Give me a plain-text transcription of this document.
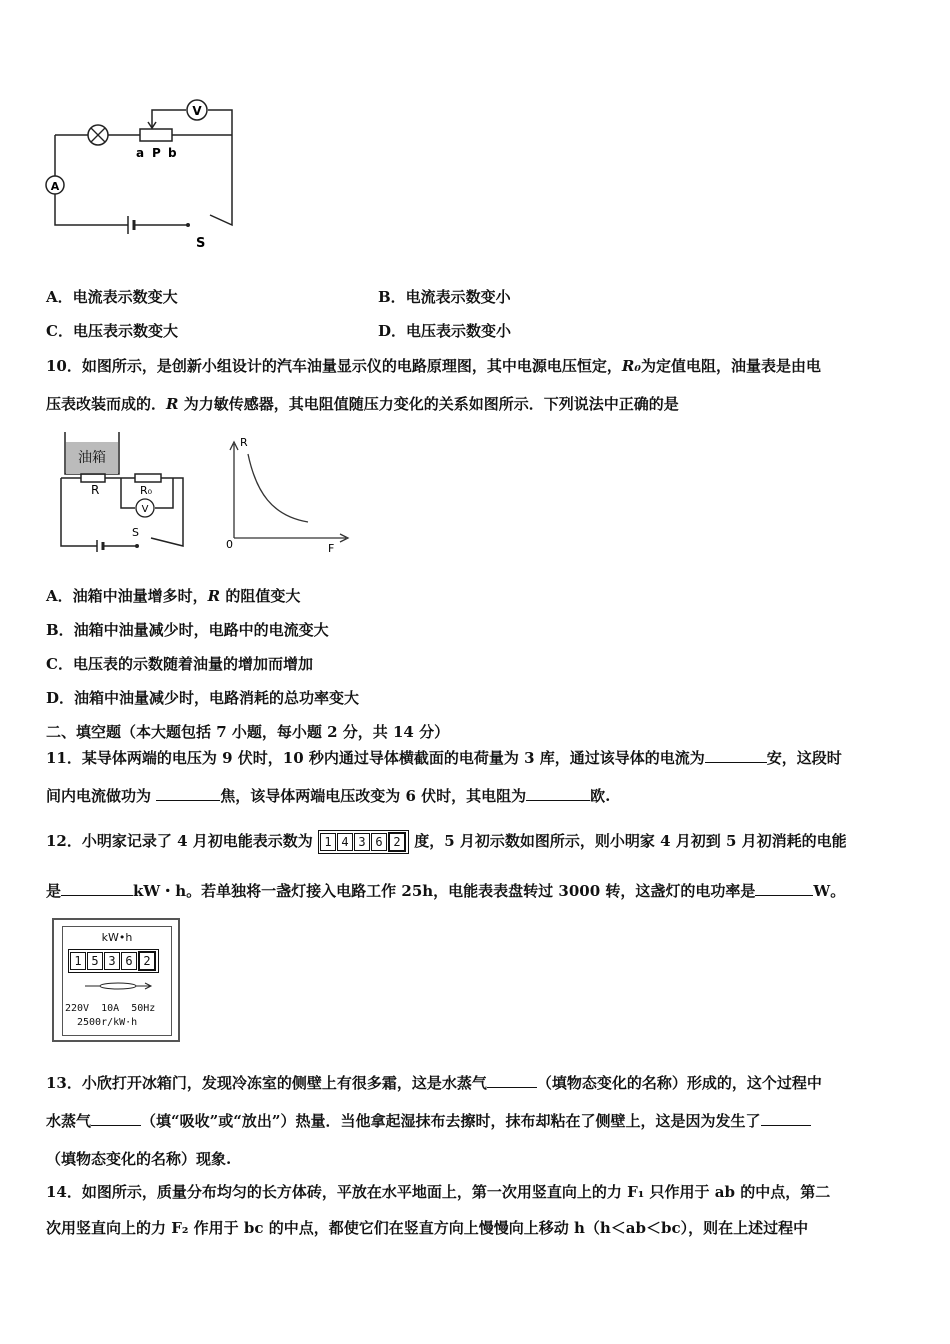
V
A
a P b
S
A．电流表示数变大	B．电流表示数变小
C．电压表示数变大	D．电压表示数变小
10．如图所示，是创新小组设计的汽车油量显示仪的电路原理图，其中电源电压恒定，R₀为定值电阻，油量表是由电
压表改装而成的．R 为力敏传感器，其电阻值随压力变化的关系如图所示．下列说法中正确的是
油箱
V
R	R₀
S
R
F
0
A．油箱中油量增多时，R 的阻值变大
B．油箱中油量减少时，电路中的电流变大
C．电压表的示数随着油量的增加而增加
D．油箱中油量减少时，电路消耗的总功率变大
二、填空题（本大题包括 7 小题，每小题 2 分，共 14 分）
11．某导体两端的电压为 9 伏时，10 秒内通过导体横截面的电荷量为 3 库，通过该导体的电流为	安，这段时
间内电流做功为	焦，该导体两端电压改变为 6 伏时，其电阻为	欧.
12．小明家记录了 4 月初电能表示数为 1 4 3 6 2 度，5 月初示数如图所示，则小明家 4 月初到 5 月初消耗的电能
是	kW・h。若单独将一盏灯接入电路工作 25h，电能表表盘转过 3000 转，这盏灯的电功率是	W。
kW•h
1 5 3 6 2
220V  10A  50Hz
2500r/kW·h
13．小欣打开冰箱门，发现冷冻室的侧壁上有很多霜，这是水蒸气	（填物态变化的名称）形成的，这个过程中
水蒸气	（填“吸收”或“放出”）热量．当他拿起湿抹布去擦时，抹布却粘在了侧壁上，这是因为发生了
（填物态变化的名称）现象.
14．如图所示，质量分布均匀的长方体砖，平放在水平地面上，第一次用竖直向上的力 F₁ 只作用于 ab 的中点，第二
次用竖直向上的力 F₂ 作用于 bc 的中点，都使它们在竖直方向上慢慢向上移动 h（h＜ab＜bc），则在上述过程中
